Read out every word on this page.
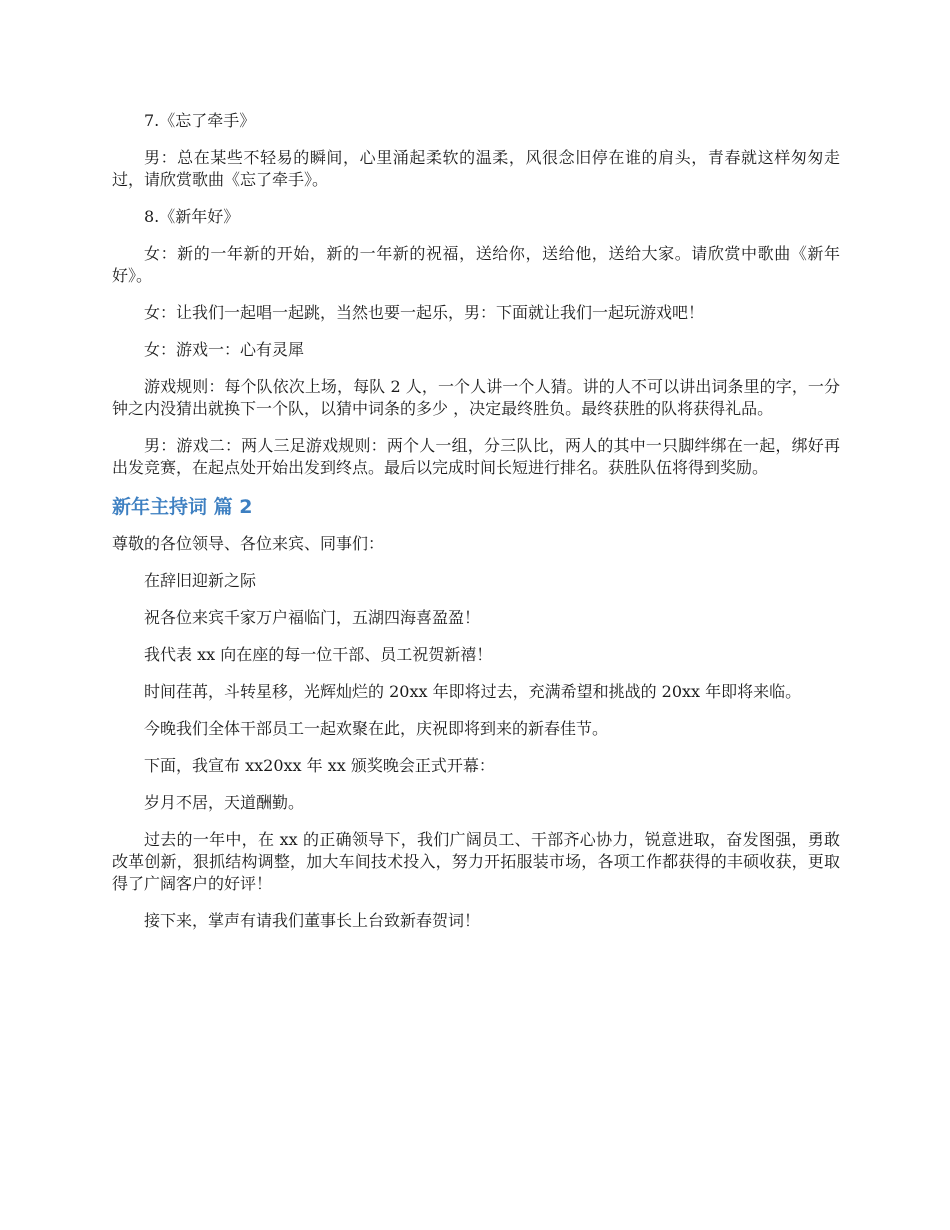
7.《忘了牵手》

男：总在某些不轻易的瞬间，心里涌起柔软的温柔，风很念旧停在谁的肩头，青春就这样匆匆走过，请欣赏歌曲《忘了牵手》。

8.《新年好》

女：新的一年新的开始，新的一年新的祝福，送给你，送给他，送给大家。请欣赏中歌曲《新年好》。

女：让我们一起唱一起跳，当然也要一起乐，男：下面就让我们一起玩游戏吧！

女：游戏一：心有灵犀

游戏规则：每个队依次上场，每队 2 人，一个人讲一个人猜。讲的人不可以讲出词条里的字，一分钟之内没猜出就换下一个队，以猜中词条的多少 ，决定最终胜负。最终获胜的队将获得礼品。

男：游戏二：两人三足游戏规则：两个人一组，分三队比，两人的其中一只脚绊绑在一起，绑好再出发竞赛，在起点处开始出发到终点。最后以完成时间长短进行排名。获胜队伍将得到奖励。

新年主持词 篇 2

尊敬的各位领导、各位来宾、同事们：

在辞旧迎新之际

祝各位来宾千家万户福临门，五湖四海喜盈盈！

我代表 xx 向在座的每一位干部、员工祝贺新禧！

时间荏苒，斗转星移，光辉灿烂的 20xx 年即将过去，充满希望和挑战的 20xx 年即将来临。

今晚我们全体干部员工一起欢聚在此，庆祝即将到来的新春佳节。

下面，我宣布 xx20xx 年 xx 颁奖晚会正式开幕：

岁月不居，天道酬勤。

过去的一年中，在 xx 的正确领导下，我们广阔员工、干部齐心协力，锐意进取，奋发图强，勇敢改革创新，狠抓结构调整，加大车间技术投入，努力开拓服装市场，各项工作都获得的丰硕收获，更取得了广阔客户的好评！

接下来，掌声有请我们董事长上台致新春贺词！
